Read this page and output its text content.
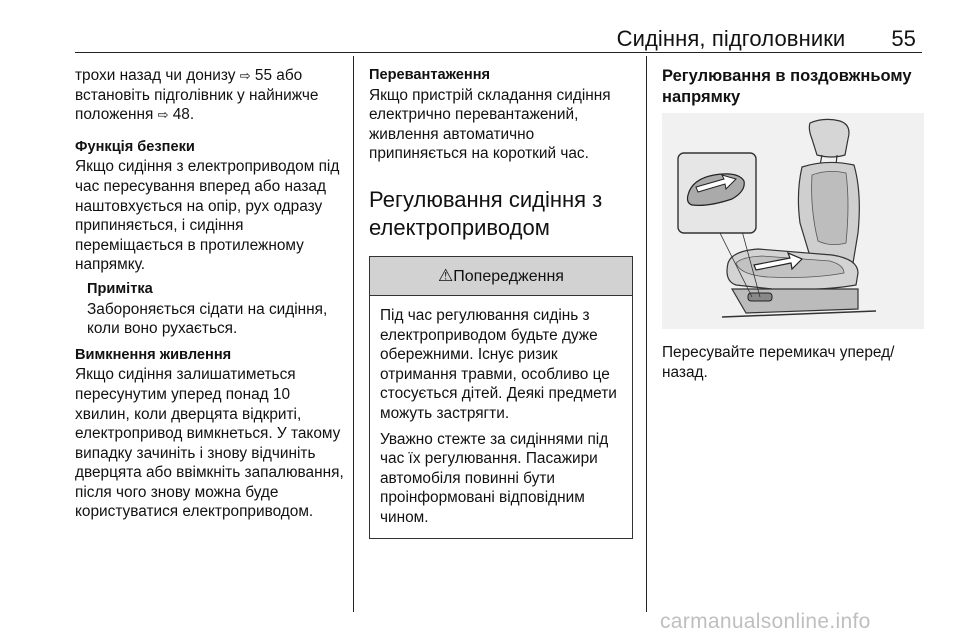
Сидіння, підголовники 55

трохи назад чи донизу ⇨ 55 або встановіть підголівник у найнижче положення ⇨ 48.

Функція безпеки

Якщо сидіння з електроприводом під час пересування вперед або назад наштовхується на опір, рух одразу припиняється, і сидіння переміщається в протилежному напрямку.

Примітка

Забороняється сідати на сидіння, коли воно рухається.

Вимкнення живлення

Якщо сидіння залишатиметься пересунутим уперед понад 10 хвилин, коли дверцята відкриті, електропривод вимкнеться. У такому випадку зачиніть і знову відчиніть дверцята або ввімкніть запалювання, після чого знову можна буде користуватися електроприводом.

Перевантаження

Якщо пристрій складання сидіння електрично перевантажений, живлення автоматично припиняється на короткий час.

Регулювання сидіння з електроприводом
⚠Попередження

Під час регулювання сидінь з електроприводом будьте дуже обережними. Існує ризик отримання травми, особливо це стосується дітей. Деякі предмети можуть застрягти.

Уважно стежте за сидіннями під час їх регулювання. Пасажири автомобіля повинні бути проінформовані відповідним чином.

Регулювання в поздовжньому напрямку

Пересувайте перемикач уперед/ назад.

carmanualsonline.info
